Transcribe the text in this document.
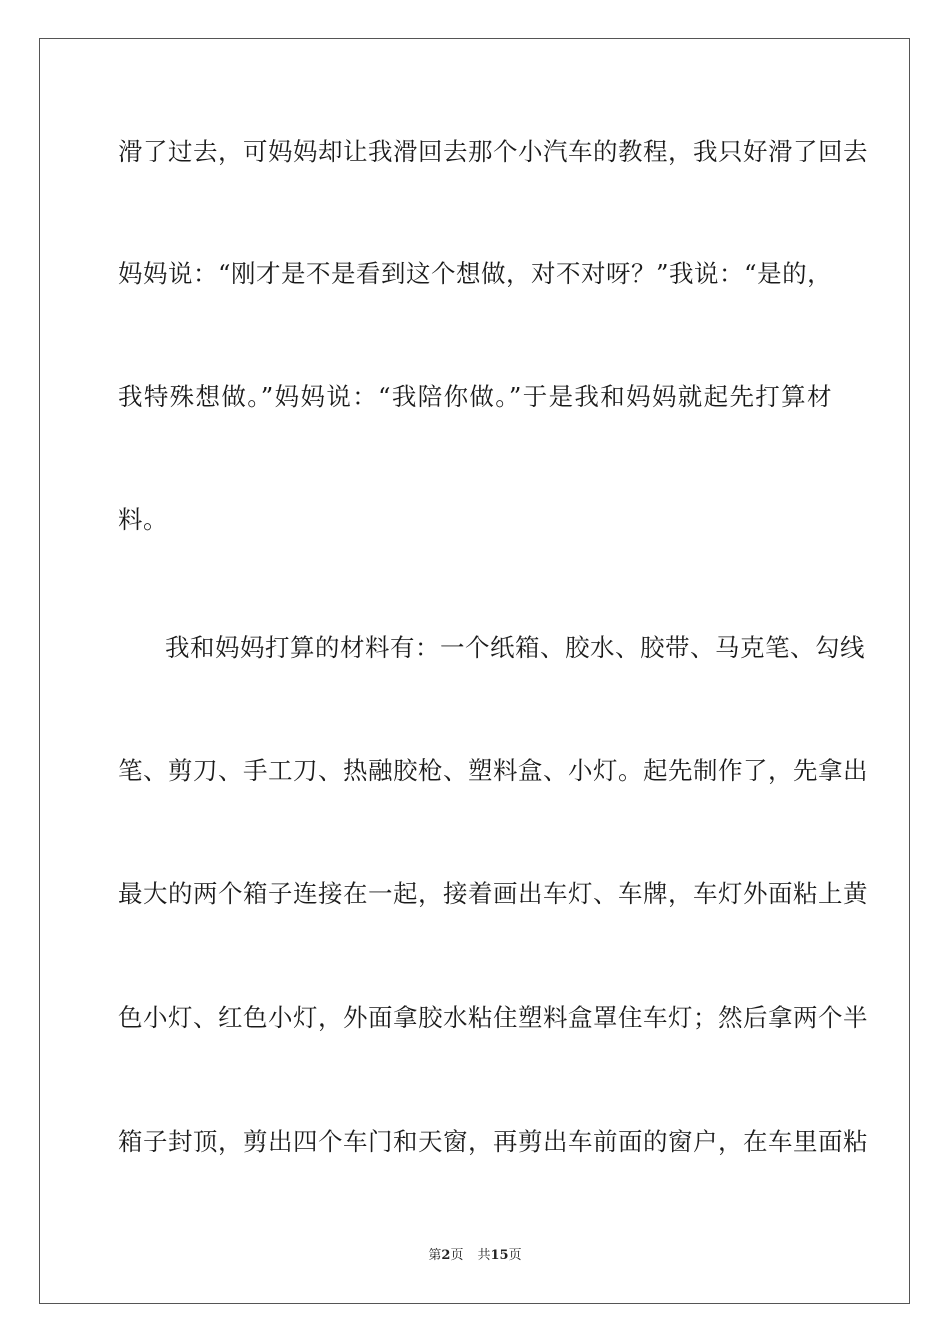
滑了过去，可妈妈却让我滑回去那个小汽车的教程，我只好滑了回去
妈妈说：“刚才是不是看到这个想做，对不对呀？”我说：“是的，
我特殊想做。”妈妈说：“我陪你做。”于是我和妈妈就起先打算材
料。
我和妈妈打算的材料有：一个纸箱、胶水、胶带、马克笔、勾线
笔、剪刀、手工刀、热融胶枪、塑料盒、小灯。起先制作了，先拿出
最大的两个箱子连接在一起，接着画出车灯、车牌，车灯外面粘上黄
色小灯、红色小灯，外面拿胶水粘住塑料盒罩住车灯；然后拿两个半
箱子封顶，剪出四个车门和天窗，再剪出车前面的窗户，在车里面粘
第2页 共15页
